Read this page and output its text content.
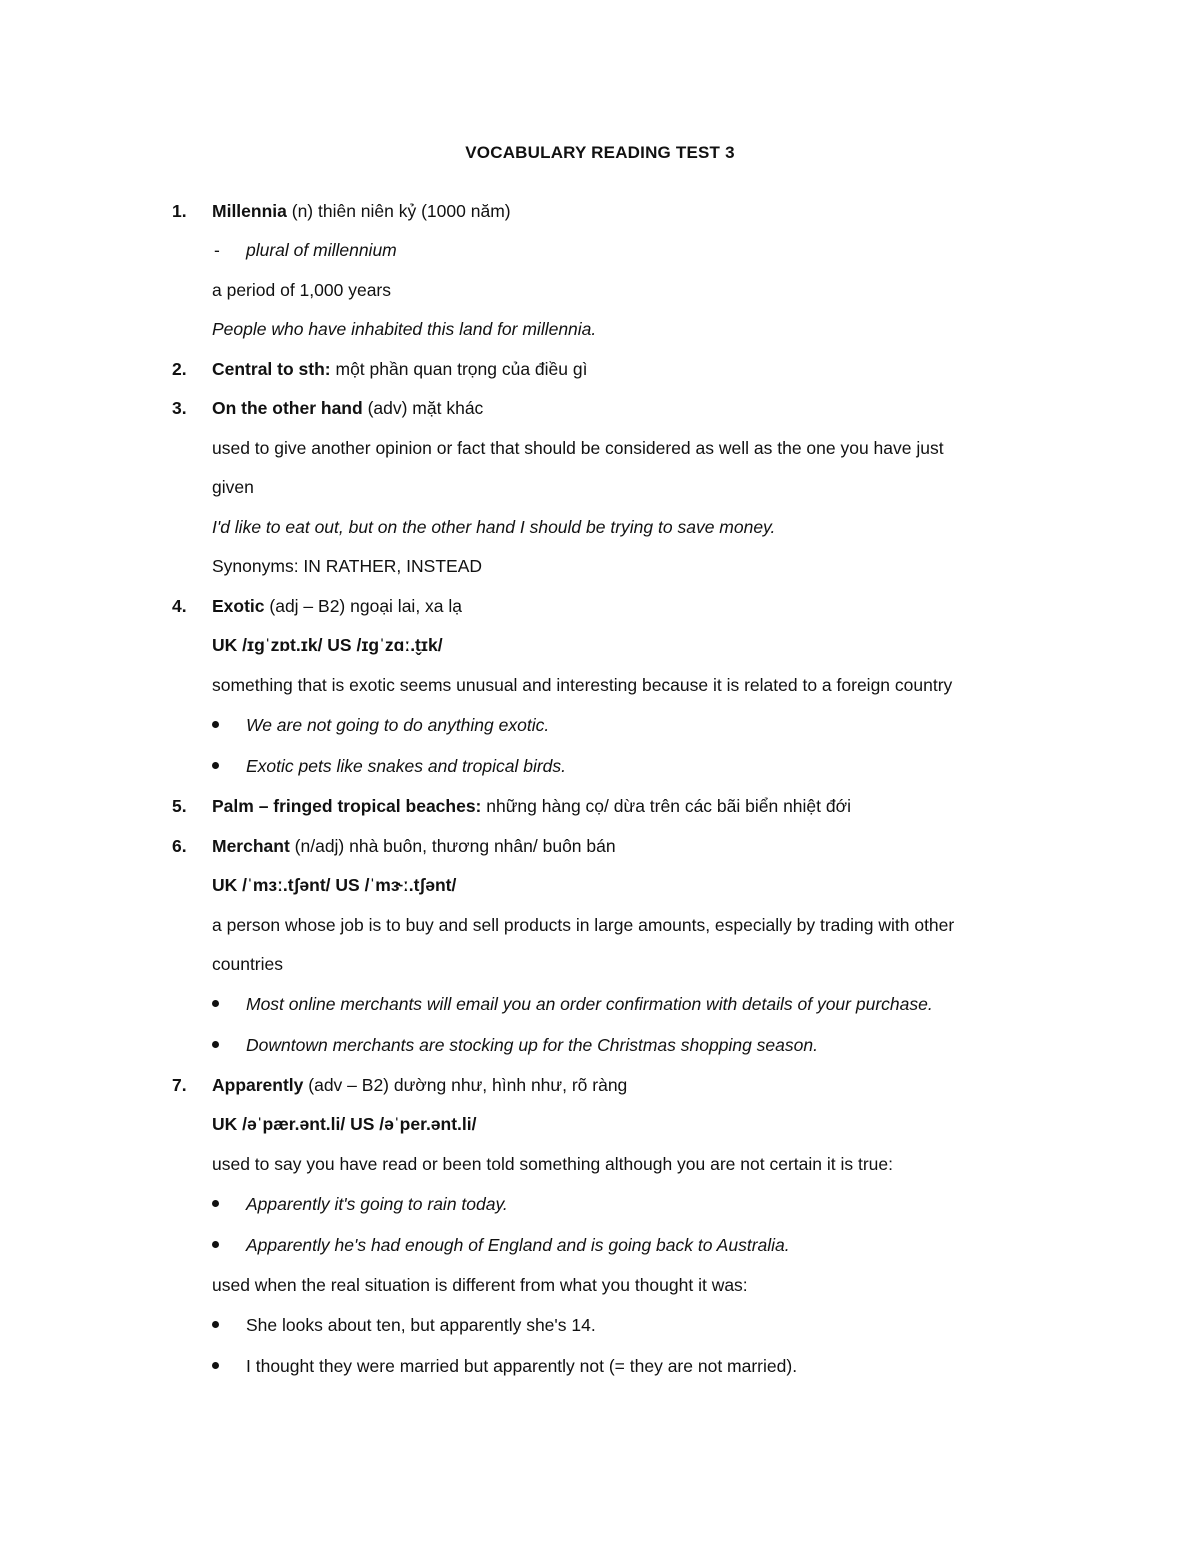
VOCABULARY READING TEST 3
1. Millennia (n) thiên niên kỷ (1000 năm)
- plural of millennium
a period of 1,000 years
People who have inhabited this land for millennia.
2. Central to sth: một phần quan trọng của điều gì
3. On the other hand (adv) mặt khác
used to give another opinion or fact that should be considered as well as the one you have just
given
I'd like to eat out, but on the other hand I should be trying to save money.
Synonyms: IN RATHER, INSTEAD
4. Exotic (adj – B2) ngoại lai, xa lạ
UK /ɪɡˈzɒt.ɪk/ US /ɪɡˈzɑː.t̬ɪk/
something that is exotic seems unusual and interesting because it is related to a foreign country
We are not going to do anything exotic.
Exotic pets like snakes and tropical birds.
5. Palm – fringed tropical beaches: những hàng cọ/ dừa trên các bãi biển nhiệt đới
6. Merchant (n/adj) nhà buôn, thương nhân/ buôn bán
UK /ˈmɜː.tʃənt/ US /ˈmɝː.tʃənt/
a person whose job is to buy and sell products in large amounts, especially by trading with other
countries
Most online merchants will email you an order confirmation with details of your purchase.
Downtown merchants are stocking up for the Christmas shopping season.
7. Apparently (adv – B2) dường như, hình như, rõ ràng
UK /əˈpær.ənt.li/ US /əˈper.ənt.li/
used to say you have read or been told something although you are not certain it is true:
Apparently it's going to rain today.
Apparently he's had enough of England and is going back to Australia.
used when the real situation is different from what you thought it was:
She looks about ten, but apparently she's 14.
I thought they were married but apparently not (= they are not married).
